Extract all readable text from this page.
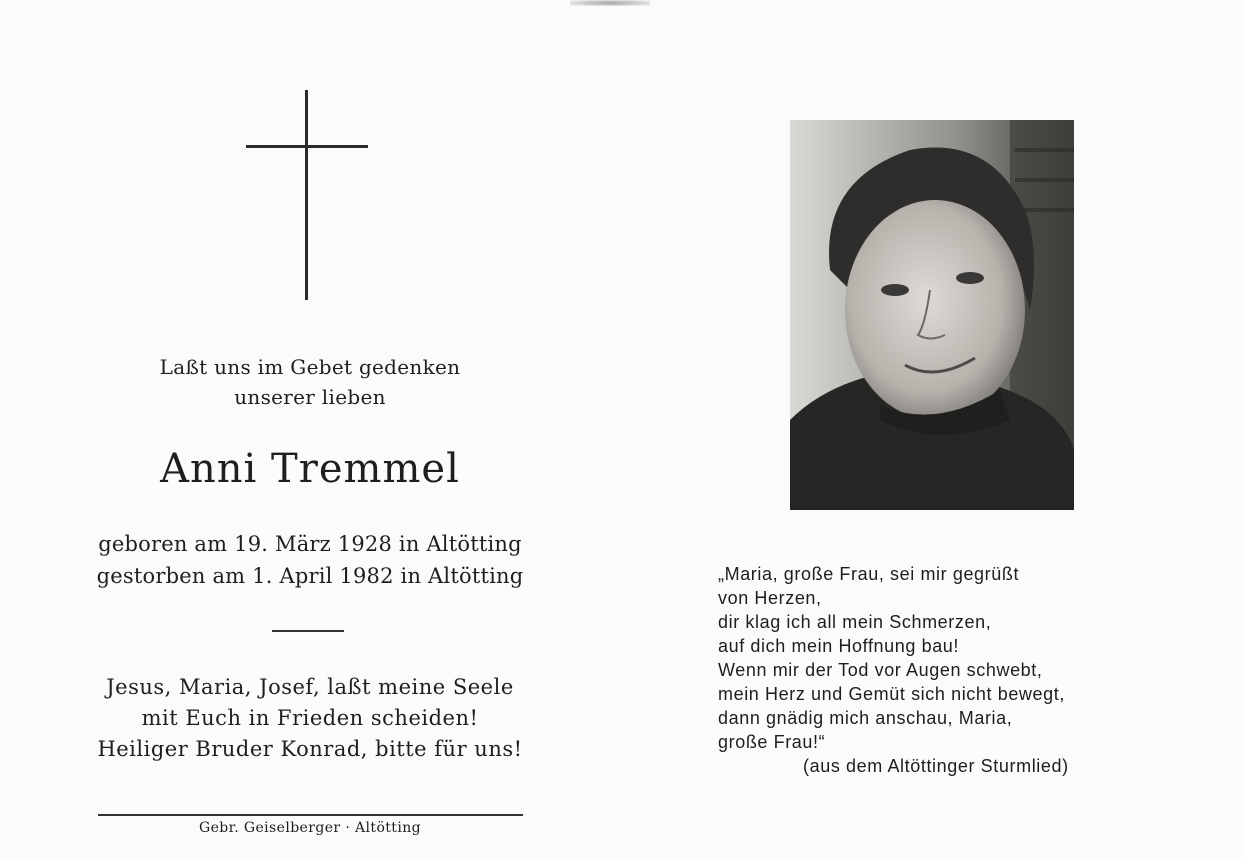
Laßt uns im Gebet gedenken
unserer lieben
Anni Tremmel
geboren am 19. März 1928 in Altötting
gestorben am 1. April 1982 in Altötting
Jesus, Maria, Josef, laßt meine Seele
mit Euch in Frieden scheiden!
Heiliger Bruder Konrad, bitte für uns!
Gebr. Geiselberger · Altötting
„Maria, große Frau, sei mir gegrüßt
von Herzen,
dir klag ich all mein Schmerzen,
auf dich mein Hoffnung bau!
Wenn mir der Tod vor Augen schwebt,
mein Herz und Gemüt sich nicht bewegt,
dann gnädig mich anschau, Maria,
große Frau!“
(aus dem Altöttinger Sturmlied)
